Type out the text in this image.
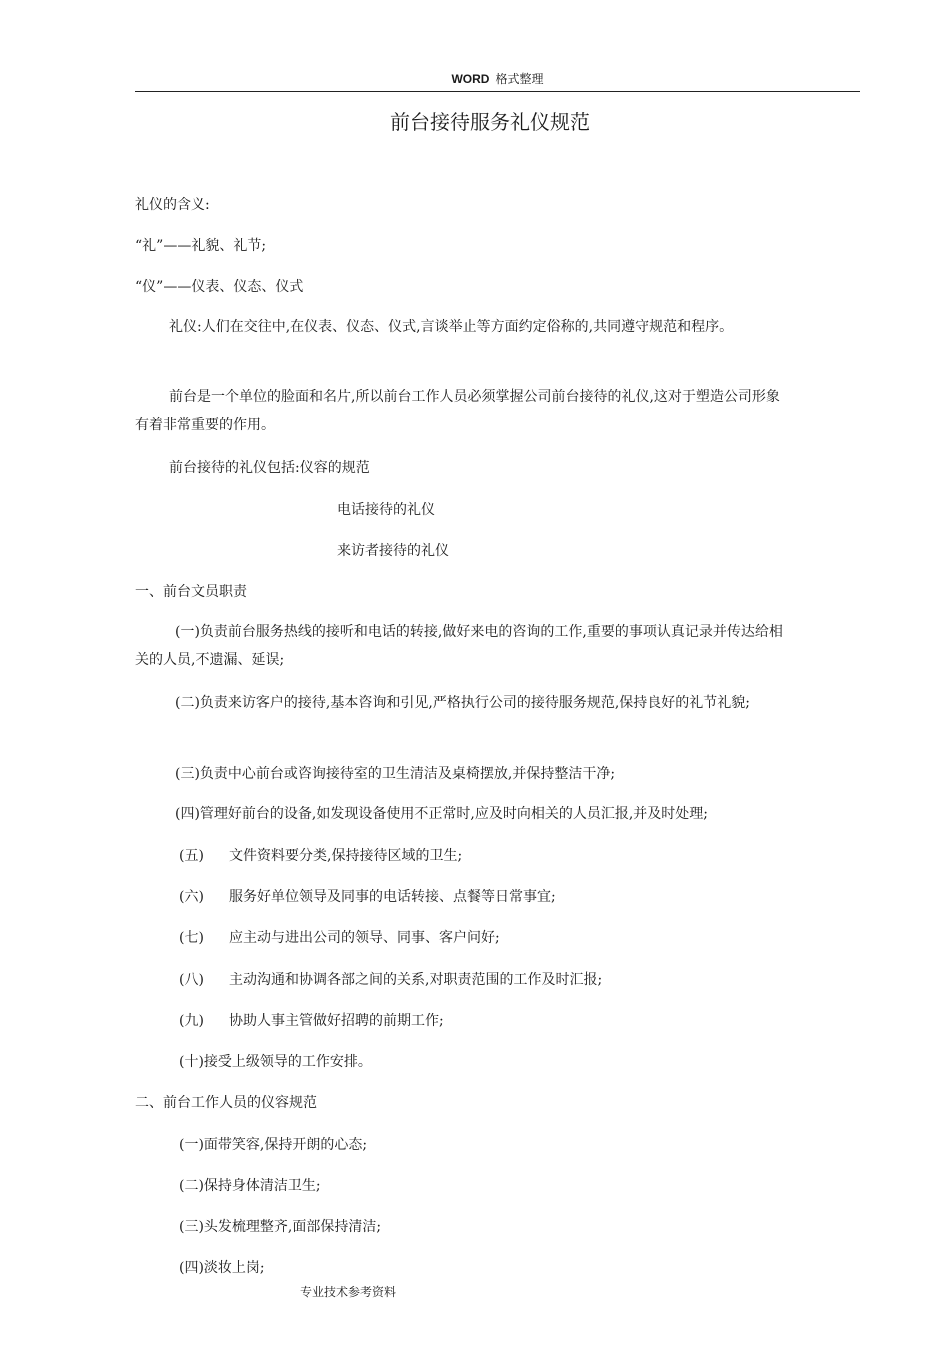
WORD 格式整理
前台接待服务礼仪规范
礼仪的含义:
“礼”——礼貌、礼节;
“仪”——仪表、仪态、仪式
礼仪:人们在交往中,在仪表、仪态、仪式,言谈举止等方面约定俗称的,共同遵守规范和程序。
前台是一个单位的脸面和名片,所以前台工作人员必须掌握公司前台接待的礼仪,这对于塑造公司形象有着非常重要的作用。
前台接待的礼仪包括:仪容的规范
电话接待的礼仪
来访者接待的礼仪
一、前台文员职责
(一)负责前台服务热线的接听和电话的转接,做好来电的咨询的工作,重要的事项认真记录并传达给相关的人员,不遗漏、延误;
(二)负责来访客户的接待,基本咨询和引见,严格执行公司的接待服务规范,保持良好的礼节礼貌;
(三)负责中心前台或咨询接待室的卫生清洁及桌椅摆放,并保持整洁干净;
(四)管理好前台的设备,如发现设备使用不正常时,应及时向相关的人员汇报,并及时处理;
(五) 文件资料要分类,保持接待区域的卫生;
(六) 服务好单位领导及同事的电话转接、点餐等日常事宜;
(七) 应主动与进出公司的领导、同事、客户问好;
(八) 主动沟通和协调各部之间的关系,对职责范围的工作及时汇报;
(九) 协助人事主管做好招聘的前期工作;
(十)接受上级领导的工作安排。
二、前台工作人员的仪容规范
(一)面带笑容,保持开朗的心态;
(二)保持身体清洁卫生;
(三)头发梳理整齐,面部保持清洁;
(四)淡妆上岗;
专业技术参考资料
